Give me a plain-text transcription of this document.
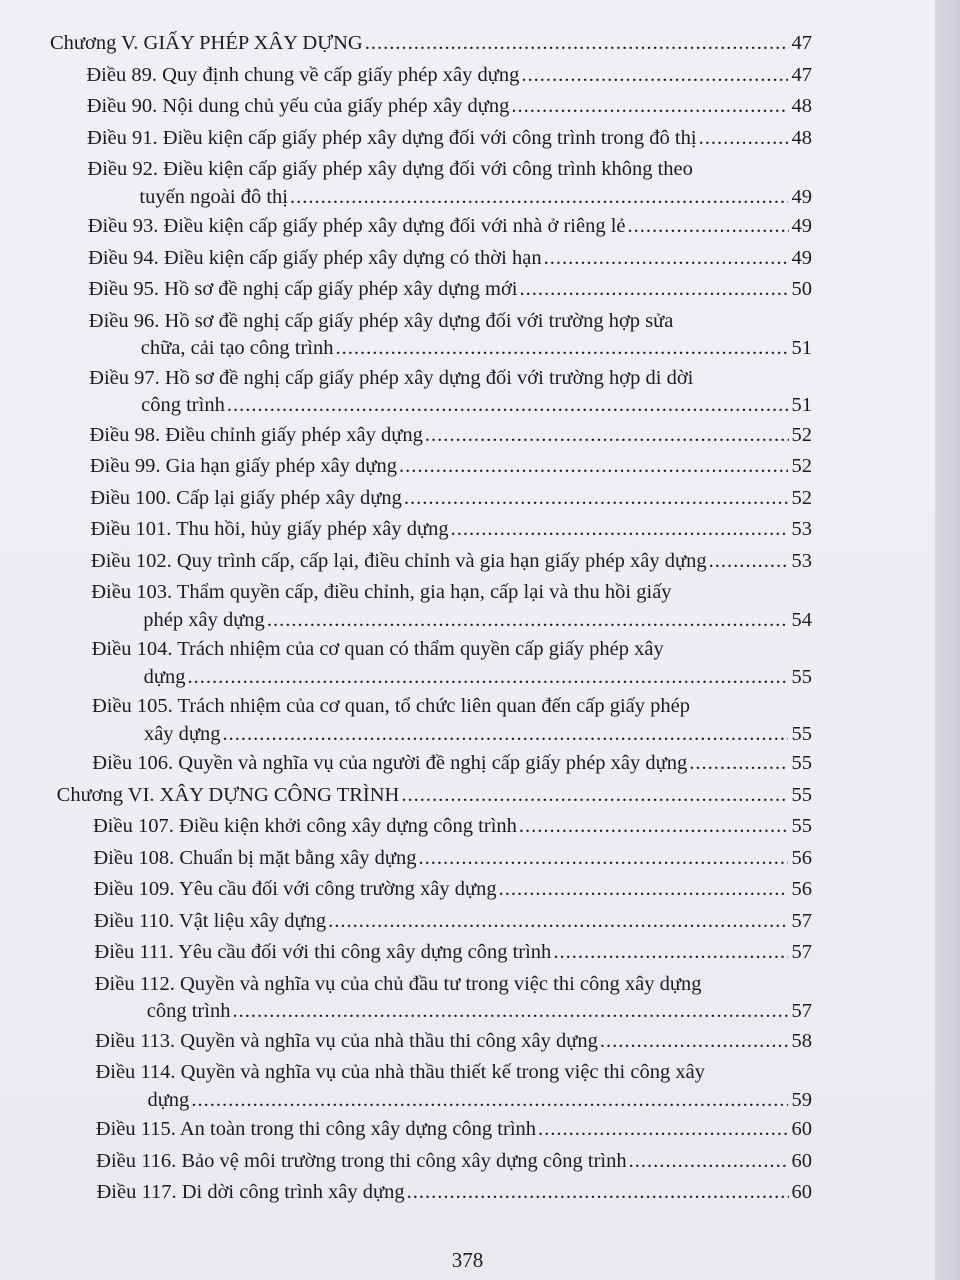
Chương V. GIẤY PHÉP XÂY DỰNG .....	47
Điều 89. Quy định chung về cấp giấy phép xây dựng .....	47
Điều 90. Nội dung chủ yếu của giấy phép xây dựng .....	48
Điều 91. Điều kiện cấp giấy phép xây dựng đối với công trình trong đô thị .....	48
Điều 92. Điều kiện cấp giấy phép xây dựng đối với công trình không theo
tuyến ngoài đô thị .....	49
Điều 93. Điều kiện cấp giấy phép xây dựng đối với nhà ở riêng lẻ .....	49
Điều 94. Điều kiện cấp giấy phép xây dựng có thời hạn .....	49
Điều 95. Hồ sơ đề nghị cấp giấy phép xây dựng mới .....	50
Điều 96. Hồ sơ đề nghị cấp giấy phép xây dựng đối với trường hợp sửa
chữa, cải tạo công trình .....	51
Điều 97. Hồ sơ đề nghị cấp giấy phép xây dựng đối với trường hợp di dời
công trình .....	51
Điều 98. Điều chỉnh giấy phép xây dựng .....	52
Điều 99. Gia hạn giấy phép xây dựng .....	52
Điều 100. Cấp lại giấy phép xây dựng .....	52
Điều 101. Thu hồi, hủy giấy phép xây dựng .....	53
Điều 102. Quy trình cấp, cấp lại, điều chỉnh và gia hạn giấy phép xây dựng .....	53
Điều 103. Thẩm quyền cấp, điều chỉnh, gia hạn, cấp lại và thu hồi giấy
phép xây dựng .....	54
Điều 104. Trách nhiệm của cơ quan có thẩm quyền cấp giấy phép xây
dựng .....	55
Điều 105. Trách nhiệm của cơ quan, tổ chức liên quan đến cấp giấy phép
xây dựng .....	55
Điều 106. Quyền và nghĩa vụ của người đề nghị cấp giấy phép xây dựng .....	55
Chương VI. XÂY DỰNG CÔNG TRÌNH .....	55
Điều 107. Điều kiện khởi công xây dựng công trình .....	55
Điều 108. Chuẩn bị mặt bằng xây dựng .....	56
Điều 109. Yêu cầu đối với công trường xây dựng .....	56
Điều 110. Vật liệu xây dựng .....	57
Điều 111. Yêu cầu đối với thi công xây dựng công trình .....	57
Điều 112. Quyền và nghĩa vụ của chủ đầu tư trong việc thi công xây dựng
công trình .....	57
Điều 113. Quyền và nghĩa vụ của nhà thầu thi công xây dựng .....	58
Điều 114. Quyền và nghĩa vụ của nhà thầu thiết kế trong việc thi công xây
dựng .....	59
Điều 115. An toàn trong thi công xây dựng công trình .....	60
Điều 116. Bảo vệ môi trường trong thi công xây dựng công trình .....	60
Điều 117. Di dời công trình xây dựng .....	60
378
